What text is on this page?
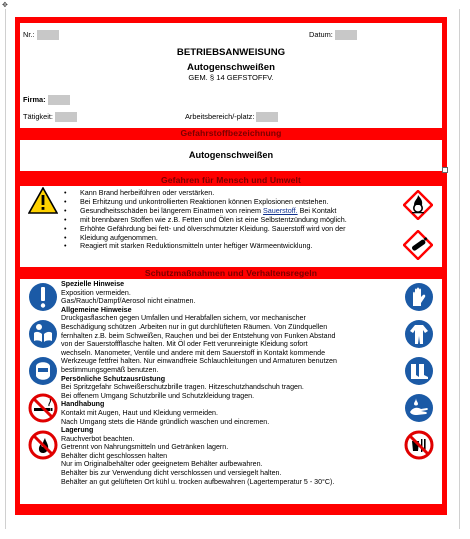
✥
Nr.:	Datum:
BETRIEBSANWEISUNG
Autogenschweißen
GEM. § 14 GEFSTOFFV.
Firma:
Tätigkeit:	Arbeitsbereich/-platz:
Gefahrstoffbezeichnung
Autogenschweißen
Gefahren für Mensch und Umwelt
• Kann Brand herbeiführen oder verstärken.
• Bei Erhitzung und unkontrollierten Reaktionen können Explosionen entstehen.
• Gesundheitsschäden bei längerem Einatmen von reinem Sauerstoff. Bei Kontakt
• mit brennbaren Stoffen wie z.B. Fetten und Ölen ist eine Selbstentzündung möglich.
• Erhöhte Gefährdung bei fett- und ölverschmutzter Kleidung. Sauerstoff wird von der
• Kleidung aufgenommen.
• Reagiert mit starken Reduktionsmitteln unter heftiger Wärmeentwicklung.
Schutzmaßnahmen und Verhaltensregeln
Spezielle Hinweise
Exposition vermeiden.
Gas/Rauch/Dampf/Aerosol nicht einatmen.
Allgemeine Hinweise
Druckgasflaschen gegen Umfallen und Herabfallen sichern, vor mechanischer
Beschädigung schützen .Arbeiten nur in gut durchlüfteten Räumen. Von Zündquellen
fernhalten z.B. beim Schweißen, Rauchen und bei der Entstehung von Funken Abstand
von der Sauerstoffflasche halten. Mit Öl oder Fett verunreinigte Kleidung sofort
wechseln. Manometer, Ventile und andere mit dem Sauerstoff in Kontakt kommende
Werkzeuge fettfrei halten. Nur einwandfreie Schlauchleitungen und Armaturen benutzen
bestimmungsgemäß benutzen.
Persönliche Schutzausrüstung
Bei Spritzgefahr Schweißerschutzbrille tragen. Hitzeschutzhandschuh tragen.
Bei offenem Umgang Schutzbrille und Schutzkleidung tragen.
Handhabung
Kontakt mit Augen, Haut und Kleidung vermeiden.
Nach Umgang stets die Hände gründlich waschen und eincremen.
Lagerung
Rauchverbot beachten.
Getrennt von Nahrungsmitteln und Getränken lagern.
Behälter dicht geschlossen halten
Nur im Originalbehälter oder geeignetem Behälter aufbewahren.
Behälter bis zur Verwendung dicht verschlossen und versiegelt halten.
Behälter an gut gelüfteten Ort kühl u. trocken aufbewahren (Lagertemperatur 5 - 30°C).
